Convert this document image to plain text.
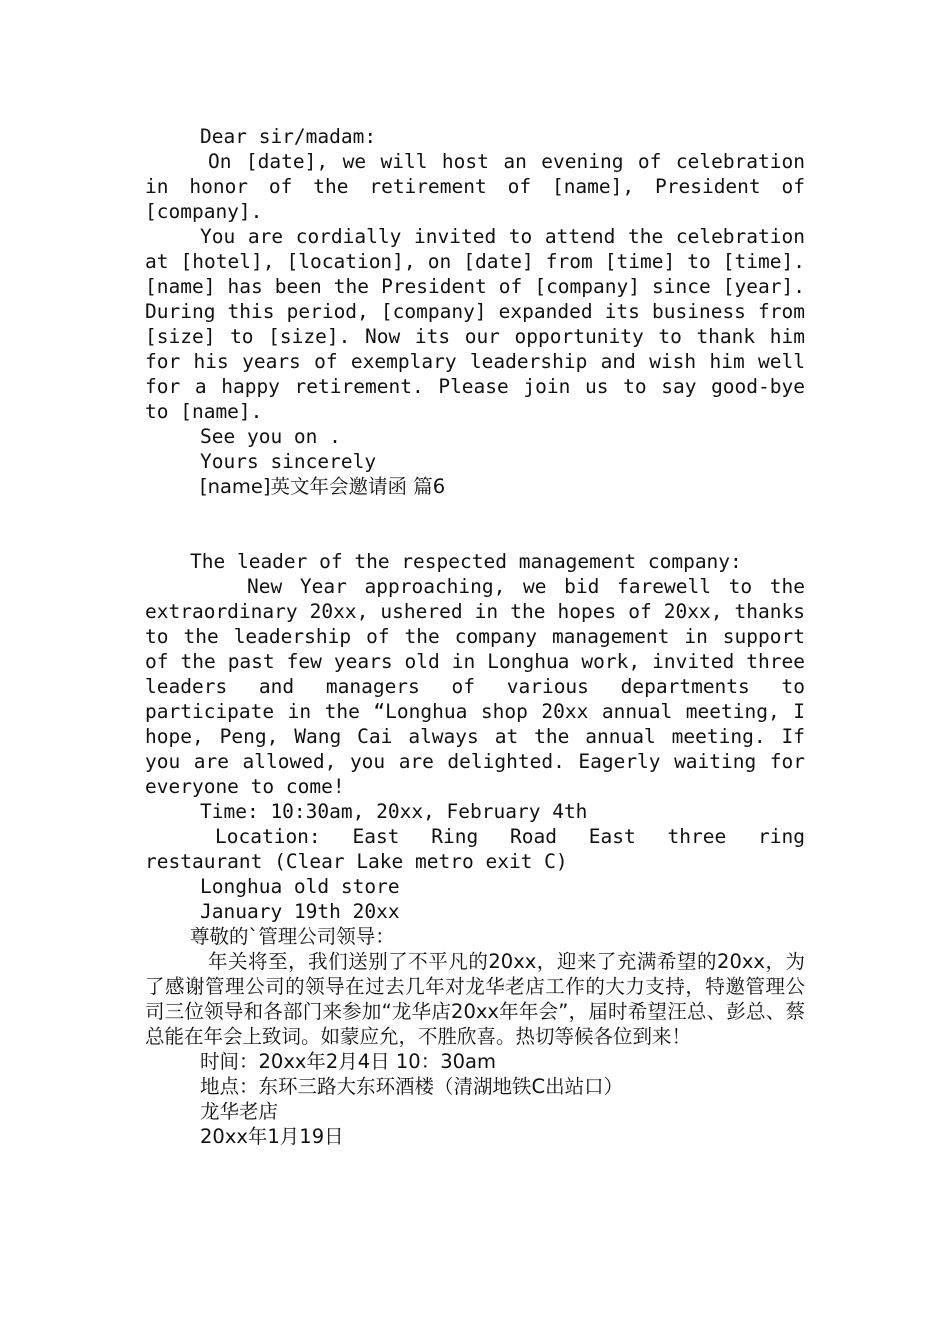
Dear sir/madam:

On [date], we will host an evening of celebration in honor of the retirement of [name], President of [company].

You are cordially invited to attend the celebration at [hotel], [location], on [date] from [time] to [time]. [name] has been the President of [company] since [year]. During this period, [company] expanded its business from [size] to [size]. Now its our opportunity to thank him for his years of exemplary leadership and wish him well for a happy retirement. Please join us to say good-bye to [name].

See you on .

Yours sincerely

[name]英文年会邀请函 篇6

The leader of the respected management company:

New Year approaching, we bid farewell to the extraordinary 20xx, ushered in the hopes of 20xx, thanks to the leadership of the company management in support of the past few years old in Longhua work, invited three leaders and managers of various departments to participate in the “Longhua shop 20xx annual meeting, I hope, Peng, Wang Cai always at the annual meeting. If you are allowed, you are delighted. Eagerly waiting for everyone to come!

Time: 10:30am, 20xx, February 4th

Location: East Ring Road East three ring restaurant (Clear Lake metro exit C)

Longhua old store

January 19th 20xx

尊敬的`管理公司领导：

年关将至，我们送别了不平凡的20xx，迎来了充满希望的20xx，为了感谢管理公司的领导在过去几年对龙华老店工作的大力支持，特邀管理公司三位领导和各部门来参加“龙华店20xx年年会”，届时希望汪总、彭总、蔡总能在年会上致词。如蒙应允，不胜欣喜。热切等候各位到来！

时间：20xx年2月4日 10：30am

地点：东环三路大东环酒楼（清湖地铁C出站口）

龙华老店

20xx年1月19日
